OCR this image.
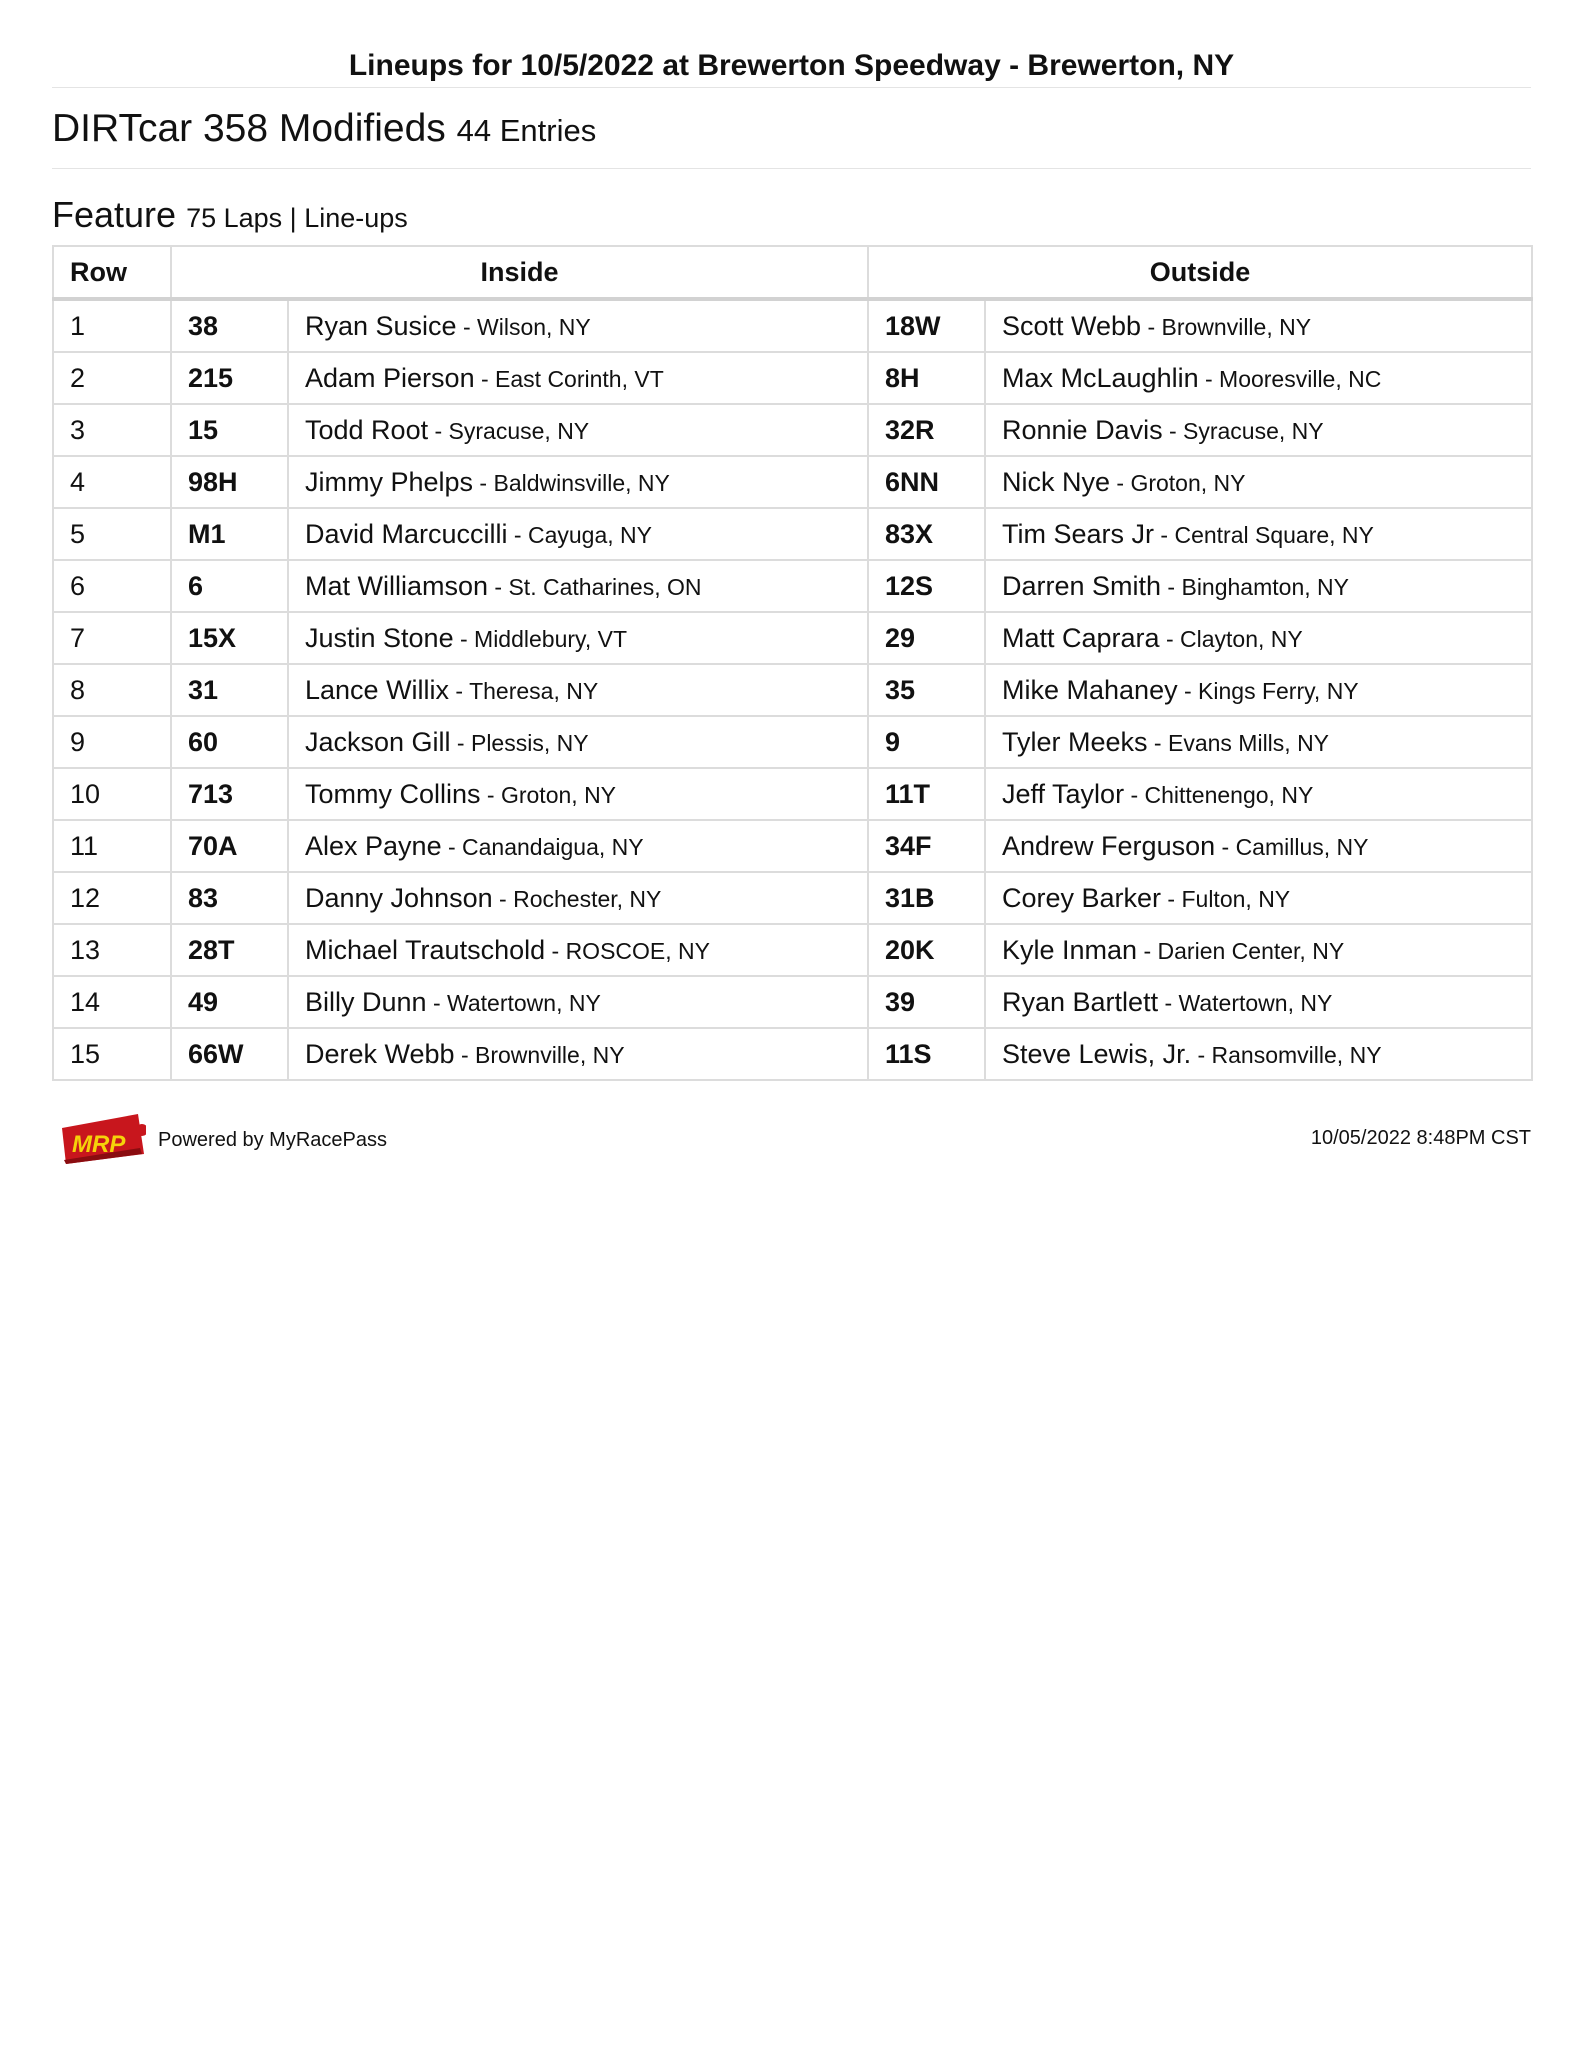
Lineups for 10/5/2022 at Brewerton Speedway - Brewerton, NY
DIRTcar 358 Modifieds 44 Entries
Feature 75 Laps | Line-ups
Row	Inside		Outside	
1	38	Ryan Susice - Wilson, NY	18W	Scott Webb - Brownville, NY
2	215	Adam Pierson - East Corinth, VT	8H	Max McLaughlin - Mooresville, NC
3	15	Todd Root - Syracuse, NY	32R	Ronnie Davis - Syracuse, NY
4	98H	Jimmy Phelps - Baldwinsville, NY	6NN	Nick Nye - Groton, NY
5	M1	David Marcuccilli - Cayuga, NY	83X	Tim Sears Jr - Central Square, NY
6	6	Mat Williamson - St. Catharines, ON	12S	Darren Smith - Binghamton, NY
7	15X	Justin Stone - Middlebury, VT	29	Matt Caprara - Clayton, NY
8	31	Lance Willix - Theresa, NY	35	Mike Mahaney - Kings Ferry, NY
9	60	Jackson Gill - Plessis, NY	9	Tyler Meeks - Evans Mills, NY
10	713	Tommy Collins - Groton, NY	11T	Jeff Taylor - Chittenengo, NY
11	70A	Alex Payne - Canandaigua, NY	34F	Andrew Ferguson - Camillus, NY
12	83	Danny Johnson - Rochester, NY	31B	Corey Barker - Fulton, NY
13	28T	Michael Trautschold - ROSCOE, NY	20K	Kyle Inman - Darien Center, NY
14	49	Billy Dunn - Watertown, NY	39	Ryan Bartlett - Watertown, NY
15	66W	Derek Webb - Brownville, NY	11S	Steve Lewis, Jr. - Ransomville, NY
MRP Powered by MyRacePass	10/05/2022 8:48PM CST
